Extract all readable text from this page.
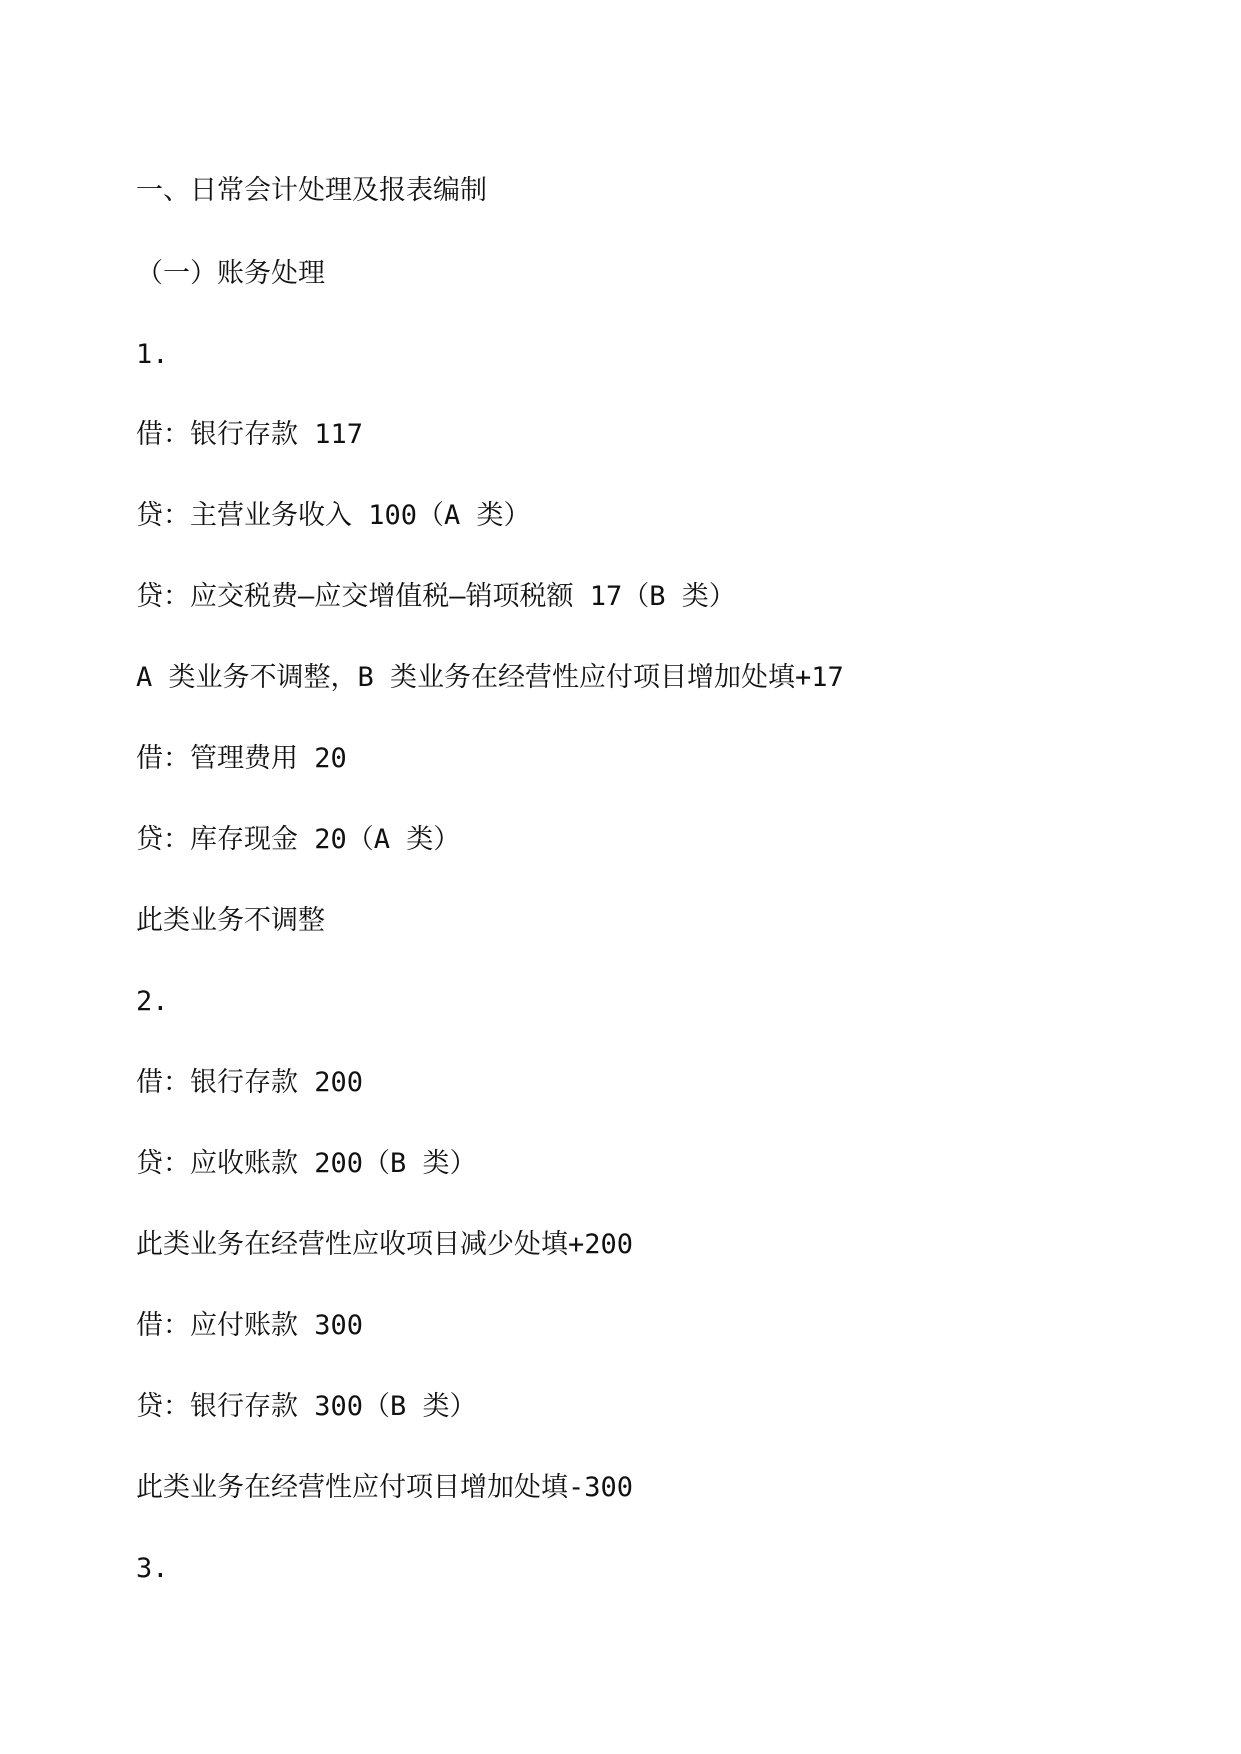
一、日常会计处理及报表编制

（一）账务处理

1.

借：银行存款 117

贷：主营业务收入 100（A 类）

贷：应交税费—应交增值税—销项税额 17（B 类）

A 类业务不调整，B 类业务在经营性应付项目增加处填+17

借：管理费用 20

贷：库存现金 20（A 类）

此类业务不调整

2.

借：银行存款 200

贷：应收账款 200（B 类）

此类业务在经营性应收项目减少处填+200

借：应付账款 300

贷：银行存款 300（B 类）

此类业务在经营性应付项目增加处填-300

3.
